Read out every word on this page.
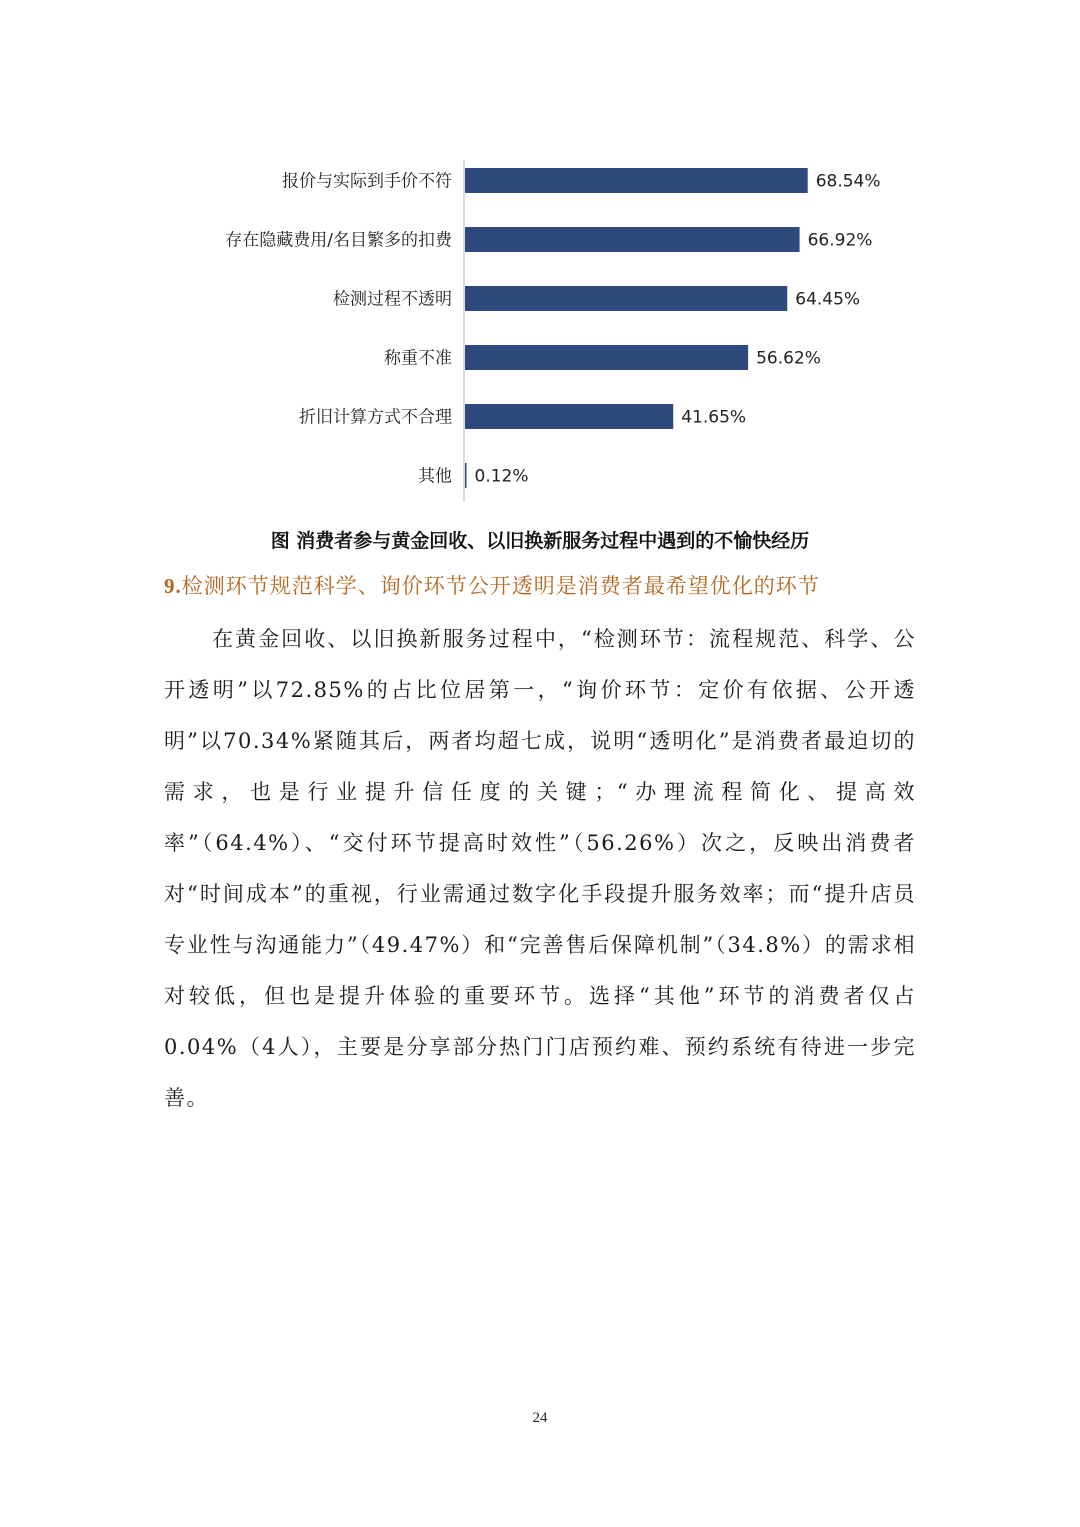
报价与实际到手价不符	68.54%
存在隐藏费用/名目繁多的扣费	66.92%
检测过程不透明	64.45%
称重不准	56.62%
折旧计算方式不合理	41.65%
其他 0.12%
图 消费者参与黄金回收、以旧换新服务过程中遇到的不愉快经历
9.检测环节规范科学、询价环节公开透明是消费者最希望优化的环节
在黄金回收、以旧换新服务过程中，“检测环节：流程规范、科学、公开透明”以72.85%的占比位居第一，“询价环节：定价有依据、公开透明”以70.34%紧随其后，两者均超七成，说明“透明化”是消费者最迫切的需求，也是行业提升信任度的关键；“办理流程简化、提高效率”（64.4%）、“交付环节提高时效性”（56.26%）次之，反映出消费者对“时间成本”的重视，行业需通过数字化手段提升服务效率；而“提升店员专业性与沟通能力”（49.47%）和“完善售后保障机制”（34.8%）的需求相对较低，但也是提升体验的重要环节。选择“其他”环节的消费者仅占0.04%（4人），主要是分享部分热门门店预约难、预约系统有待进一步完善。
24
